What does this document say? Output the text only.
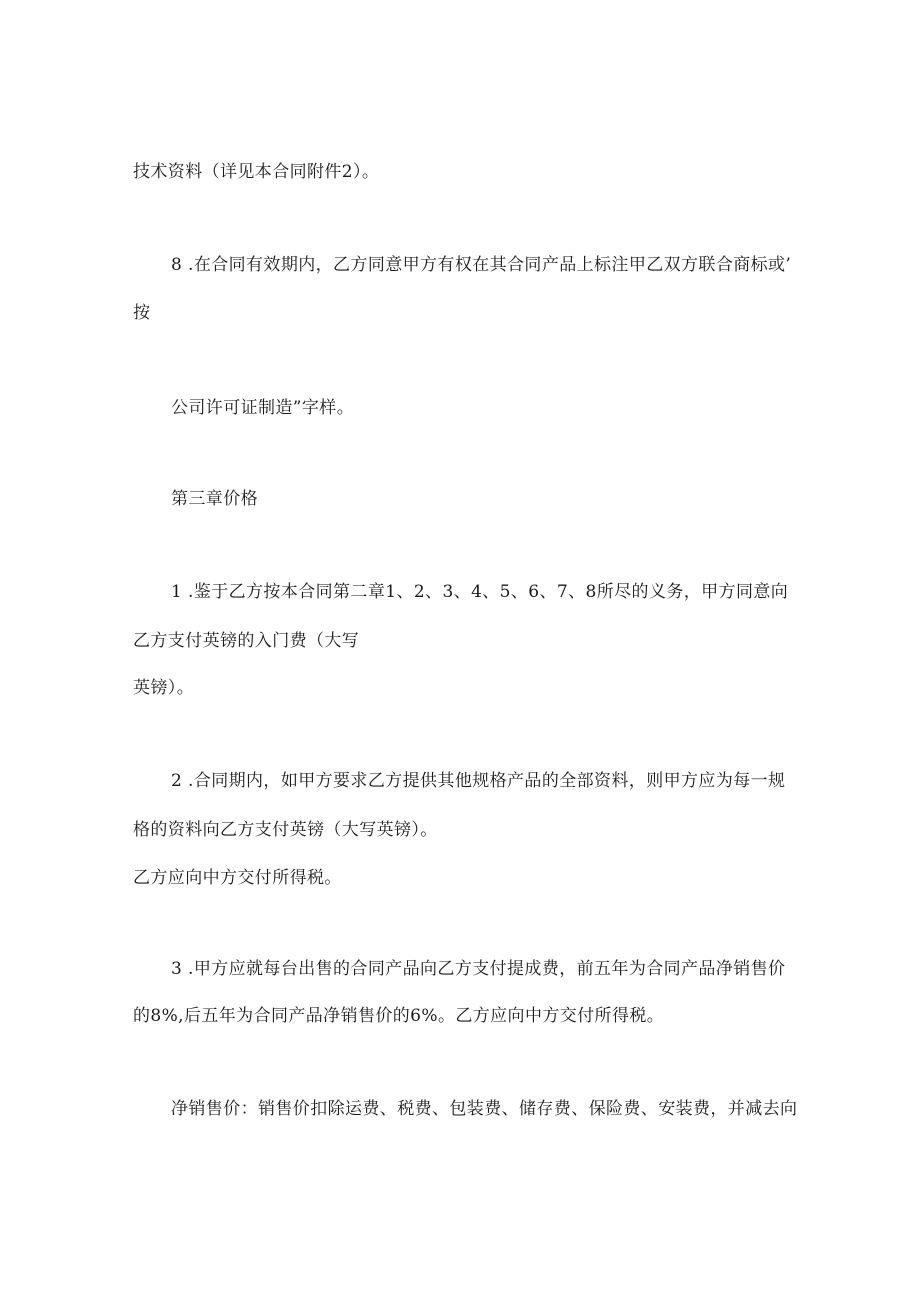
技术资料（详见本合同附件2）。
8 .在合同有效期内，乙方同意甲方有权在其合同产品上标注甲乙双方联合商标或’
按
公司许可证制造”字样。
第三章价格
1 .鉴于乙方按本合同第二章1、2、3、4、5、6、7、8所尽的义务，甲方同意向
乙方支付英镑的入门费（大写
英镑）。
2 .合同期内，如甲方要求乙方提供其他规格产品的全部资料，则甲方应为每一规
格的资料向乙方支付英镑（大写英镑）。
乙方应向中方交付所得税。
3 .甲方应就每台出售的合同产品向乙方支付提成费，前五年为合同产品净销售价
的8%,后五年为合同产品净销售价的6%。乙方应向中方交付所得税。
净销售价：销售价扣除运费、税费、包装费、储存费、保险费、安装费，并减去向
